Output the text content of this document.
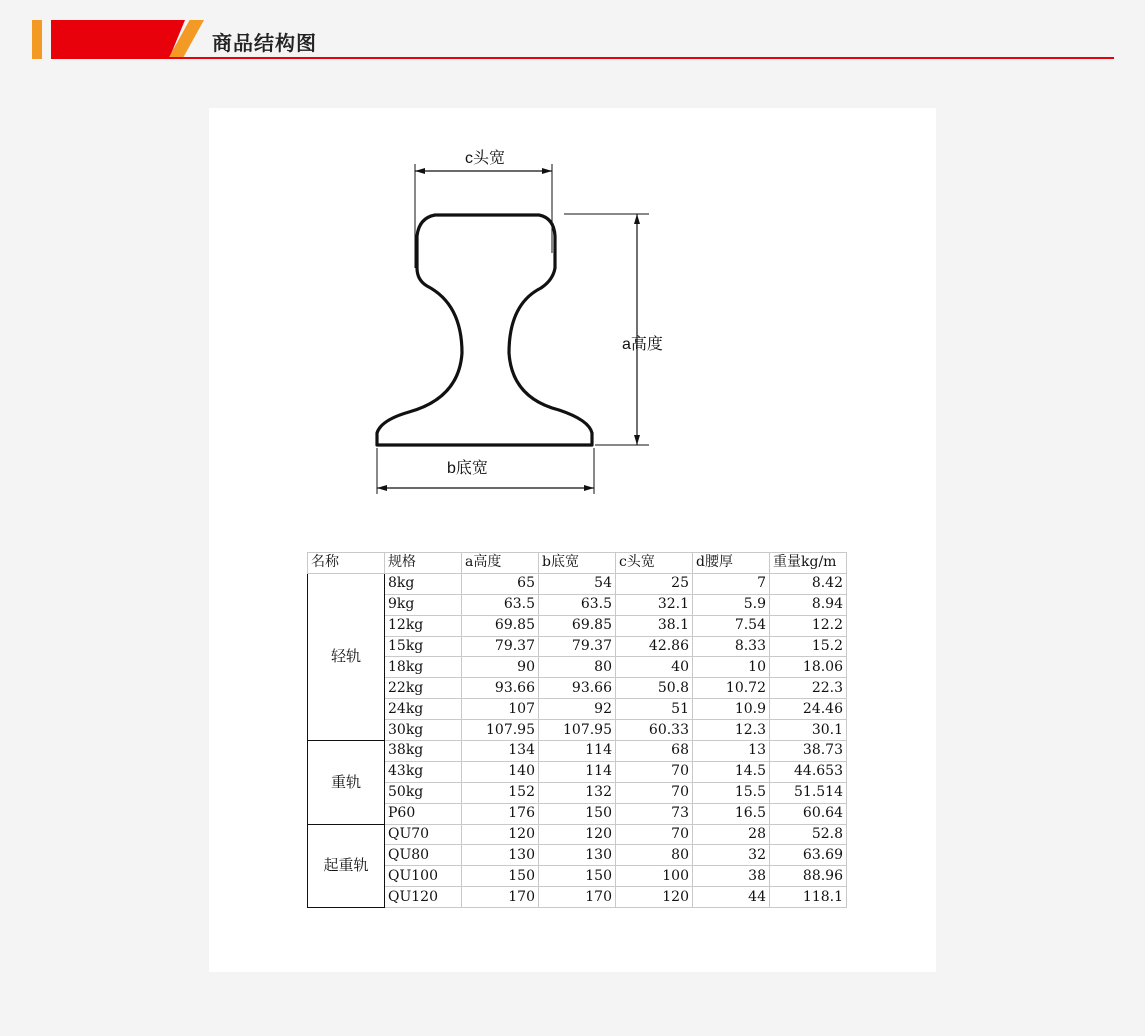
商品结构图
c头宽
a高度
b底宽
名称	规格	a高度	b底宽	c头宽	d腰厚	重量kg/m
轻轨	8kg	65	54	25	7	8.42
	9kg	63.5	63.5	32.1	5.9	8.94
	12kg	69.85	69.85	38.1	7.54	12.2
	15kg	79.37	79.37	42.86	8.33	15.2
	18kg	90	80	40	10	18.06
	22kg	93.66	93.66	50.8	10.72	22.3
	24kg	107	92	51	10.9	24.46
	30kg	107.95	107.95	60.33	12.3	30.1
重轨	38kg	134	114	68	13	38.73
	43kg	140	114	70	14.5	44.653
	50kg	152	132	70	15.5	51.514
	P60	176	150	73	16.5	60.64
起重轨	QU70	120	120	70	28	52.8
	QU80	130	130	80	32	63.69
	QU100	150	150	100	38	88.96
	QU120	170	170	120	44	118.1
